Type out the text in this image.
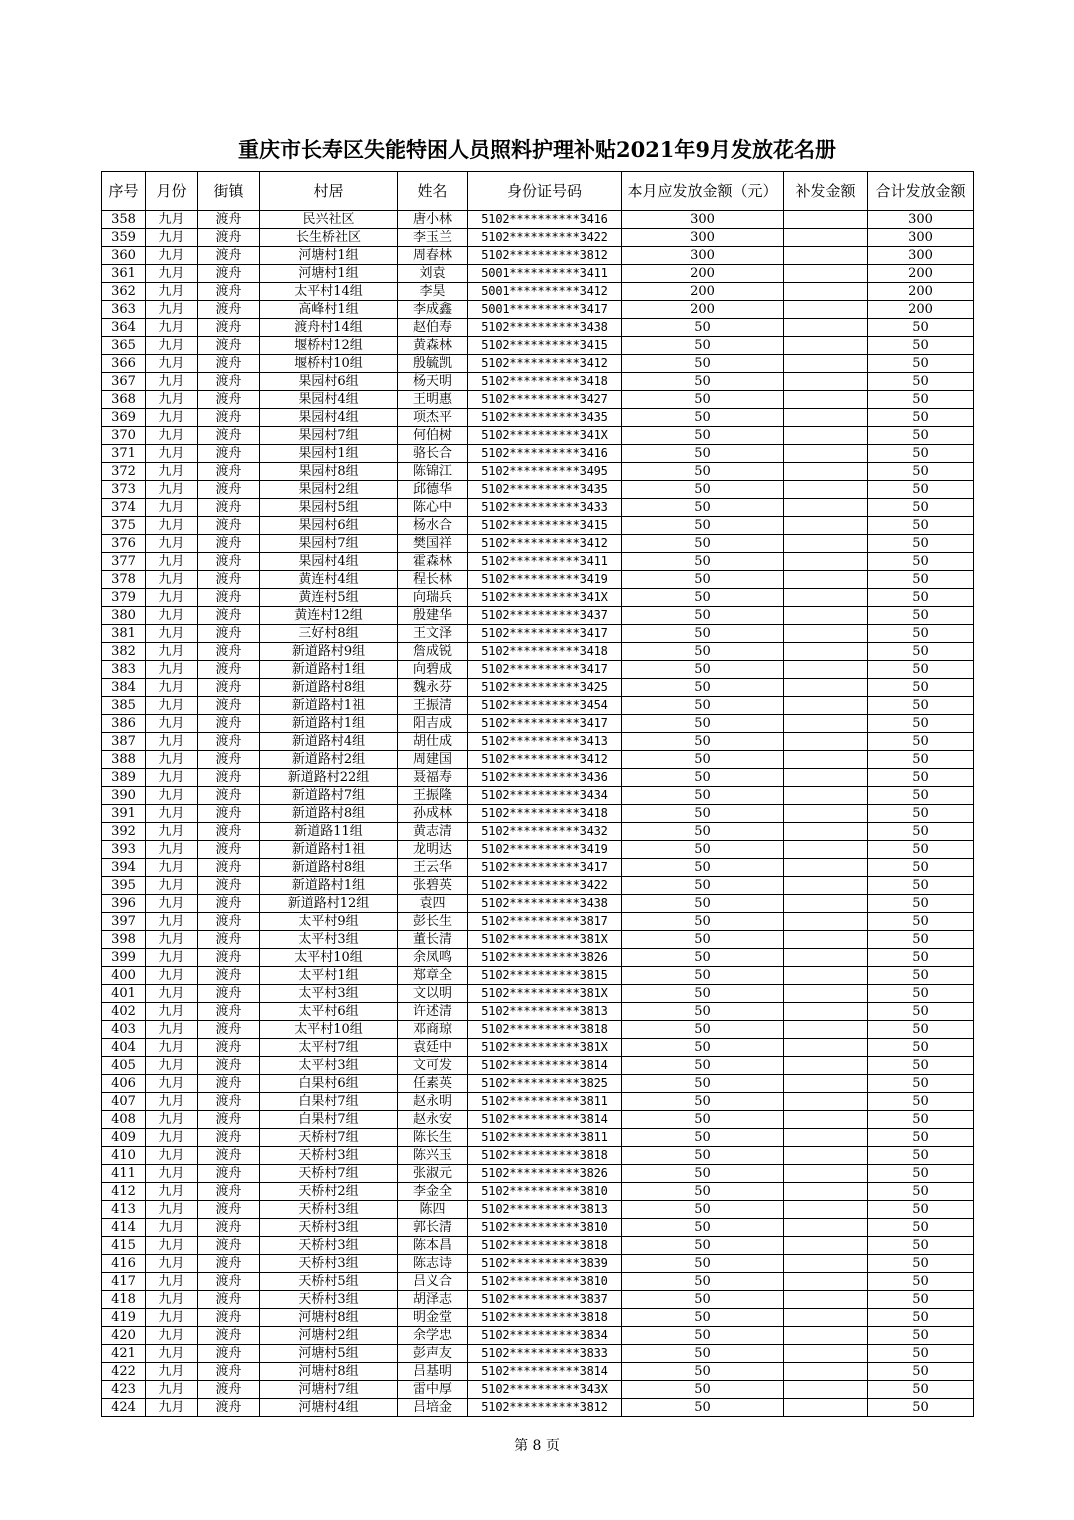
重庆市长寿区失能特困人员照料护理补贴2021年9月发放花名册
序号	月份	街镇	村居	姓名	身份证号码	本月应发放金额（元）	补发金额	合计发放金额
358	九月	渡舟	民兴社区	唐小林	5102**********3416	300		300
359	九月	渡舟	长生桥社区	李玉兰	5102**********3422	300		300
360	九月	渡舟	河塘村1组	周春林	5102**********3812	300		300
361	九月	渡舟	河塘村1组	刘袁	5001**********3411	200		200
362	九月	渡舟	太平村14组	李昊	5001**********3412	200		200
363	九月	渡舟	高峰村1组	李成鑫	5001**********3417	200		200
364	九月	渡舟	渡舟村14组	赵伯寿	5102**********3438	50		50
365	九月	渡舟	堰桥村12组	黄森林	5102**********3415	50		50
366	九月	渡舟	堰桥村10组	殷毓凯	5102**********3412	50		50
367	九月	渡舟	果园村6组	杨天明	5102**********3418	50		50
368	九月	渡舟	果园村4组	王明惠	5102**********3427	50		50
369	九月	渡舟	果园村4组	项杰平	5102**********3435	50		50
370	九月	渡舟	果园村7组	何伯树	5102**********341X	50		50
371	九月	渡舟	果园村1组	骆长合	5102**********3416	50		50
372	九月	渡舟	果园村8组	陈锦江	5102**********3495	50		50
373	九月	渡舟	果园村2组	邱德华	5102**********3435	50		50
374	九月	渡舟	果园村5组	陈心中	5102**********3433	50		50
375	九月	渡舟	果园村6组	杨水合	5102**********3415	50		50
376	九月	渡舟	果园村7组	樊国祥	5102**********3412	50		50
377	九月	渡舟	果园村4组	霍森林	5102**********3411	50		50
378	九月	渡舟	黄连村4组	程长林	5102**********3419	50		50
379	九月	渡舟	黄连村5组	向瑞兵	5102**********341X	50		50
380	九月	渡舟	黄连村12组	殷建华	5102**********3437	50		50
381	九月	渡舟	三好村8组	王文泽	5102**********3417	50		50
382	九月	渡舟	新道路村9组	詹成锐	5102**********3418	50		50
383	九月	渡舟	新道路村1组	向碧成	5102**********3417	50		50
384	九月	渡舟	新道路村8组	魏永芬	5102**********3425	50		50
385	九月	渡舟	新道路村1祖	王振清	5102**********3454	50		50
386	九月	渡舟	新道路村1组	阳吉成	5102**********3417	50		50
387	九月	渡舟	新道路村4组	胡仕成	5102**********3413	50		50
388	九月	渡舟	新道路村2组	周建国	5102**********3412	50		50
389	九月	渡舟	新道路村22组	聂福寿	5102**********3436	50		50
390	九月	渡舟	新道路村7组	王振隆	5102**********3434	50		50
391	九月	渡舟	新道路村8组	孙成林	5102**********3418	50		50
392	九月	渡舟	新道路11组	黄志清	5102**********3432	50		50
393	九月	渡舟	新道路村1祖	龙明达	5102**********3419	50		50
394	九月	渡舟	新道路村8组	王云华	5102**********3417	50		50
395	九月	渡舟	新道路村1组	张碧英	5102**********3422	50		50
396	九月	渡舟	新道路村12组	袁四	5102**********3438	50		50
397	九月	渡舟	太平村9组	彭长生	5102**********3817	50		50
398	九月	渡舟	太平村3组	董长清	5102**********381X	50		50
399	九月	渡舟	太平村10组	余凤鸣	5102**********3826	50		50
400	九月	渡舟	太平村1组	郑章全	5102**********3815	50		50
401	九月	渡舟	太平村3组	文以明	5102**********381X	50		50
402	九月	渡舟	太平村6组	许述清	5102**********3813	50		50
403	九月	渡舟	太平村10组	邓商琼	5102**********3818	50		50
404	九月	渡舟	太平村7组	袁廷中	5102**********381X	50		50
405	九月	渡舟	太平村3组	文可发	5102**********3814	50		50
406	九月	渡舟	白果村6组	任素英	5102**********3825	50		50
407	九月	渡舟	白果村7组	赵永明	5102**********3811	50		50
408	九月	渡舟	白果村7组	赵永安	5102**********3814	50		50
409	九月	渡舟	天桥村7组	陈长生	5102**********3811	50		50
410	九月	渡舟	天桥村3组	陈兴玉	5102**********3818	50		50
411	九月	渡舟	天桥村7组	张淑元	5102**********3826	50		50
412	九月	渡舟	天桥村2组	李金全	5102**********3810	50		50
413	九月	渡舟	天桥村3组	陈四	5102**********3813	50		50
414	九月	渡舟	天桥村3组	郭长清	5102**********3810	50		50
415	九月	渡舟	天桥村3组	陈本昌	5102**********3818	50		50
416	九月	渡舟	天桥村3组	陈志诗	5102**********3839	50		50
417	九月	渡舟	天桥村5组	吕义合	5102**********3810	50		50
418	九月	渡舟	天桥村3组	胡泽志	5102**********3837	50		50
419	九月	渡舟	河塘村8组	明金堂	5102**********3818	50		50
420	九月	渡舟	河塘村2组	余学忠	5102**********3834	50		50
421	九月	渡舟	河塘村5组	彭声友	5102**********3833	50		50
422	九月	渡舟	河塘村8组	吕基明	5102**********3814	50		50
423	九月	渡舟	河塘村7组	雷中厚	5102**********343X	50		50
424	九月	渡舟	河塘村4组	吕培金	5102**********3812	50		50
第 8 页
